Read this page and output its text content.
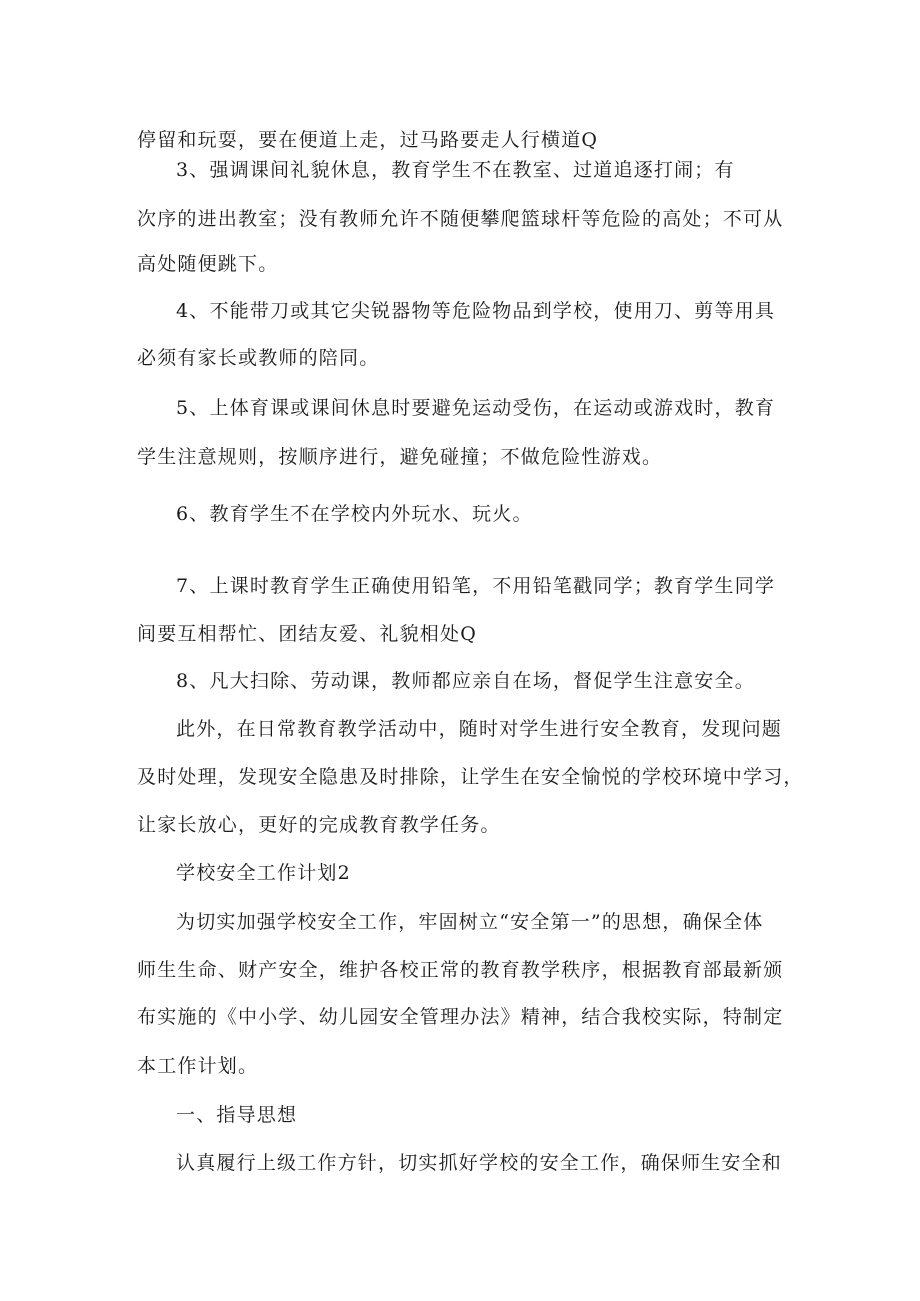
停留和玩耍，要在便道上走，过马路要走人行横道Q
3、强调课间礼貌休息，教育学生不在教室、过道追逐打闹；有
次序的进出教室；没有教师允许不随便攀爬篮球杆等危险的高处；不可从
高处随便跳下。
4、不能带刀或其它尖锐器物等危险物品到学校，使用刀、剪等用具
必须有家长或教师的陪同。
5、上体育课或课间休息时要避免运动受伤，在运动或游戏时，教育
学生注意规则，按顺序进行，避免碰撞；不做危险性游戏。
6、教育学生不在学校内外玩水、玩火。
7、上课时教育学生正确使用铅笔，不用铅笔戳同学；教育学生同学
间要互相帮忙、团结友爱、礼貌相处Q
8、凡大扫除、劳动课，教师都应亲自在场，督促学生注意安全。
此外，在日常教育教学活动中，随时对学生进行安全教育，发现问题
及时处理，发现安全隐患及时排除，让学生在安全愉悦的学校环境中学习，
让家长放心，更好的完成教育教学任务。
学校安全工作计划2
为切实加强学校安全工作，牢固树立“安全第一”的思想，确保全体
师生生命、财产安全，维护各校正常的教育教学秩序，根据教育部最新颁
布实施的《中小学、幼儿园安全管理办法》精神，结合我校实际，特制定
本工作计划。
一、指导思想
认真履行上级工作方针，切实抓好学校的安全工作，确保师生安全和
